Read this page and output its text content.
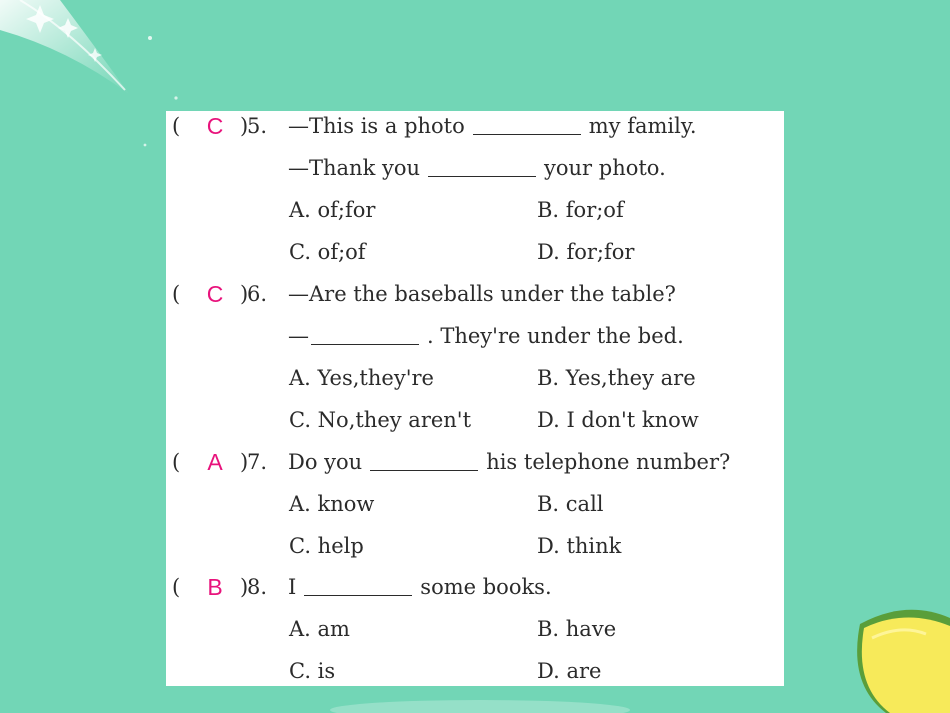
( C )
5. —This is a photo	my family.
—Thank you	your photo.
A. of;for	B. for;of
C. of;of	D. for;for
( C )
6. —Are the baseballs under the table?
—	. They're under the bed.
A. Yes,they're	B. Yes,they are
C. No,they aren't	D. I don't know
( A )
7. Do you	his telephone number?
A. know	B. call
C. help	D. think
( B )
8. I	some books.
A. am	B. have
C. is	D. are
